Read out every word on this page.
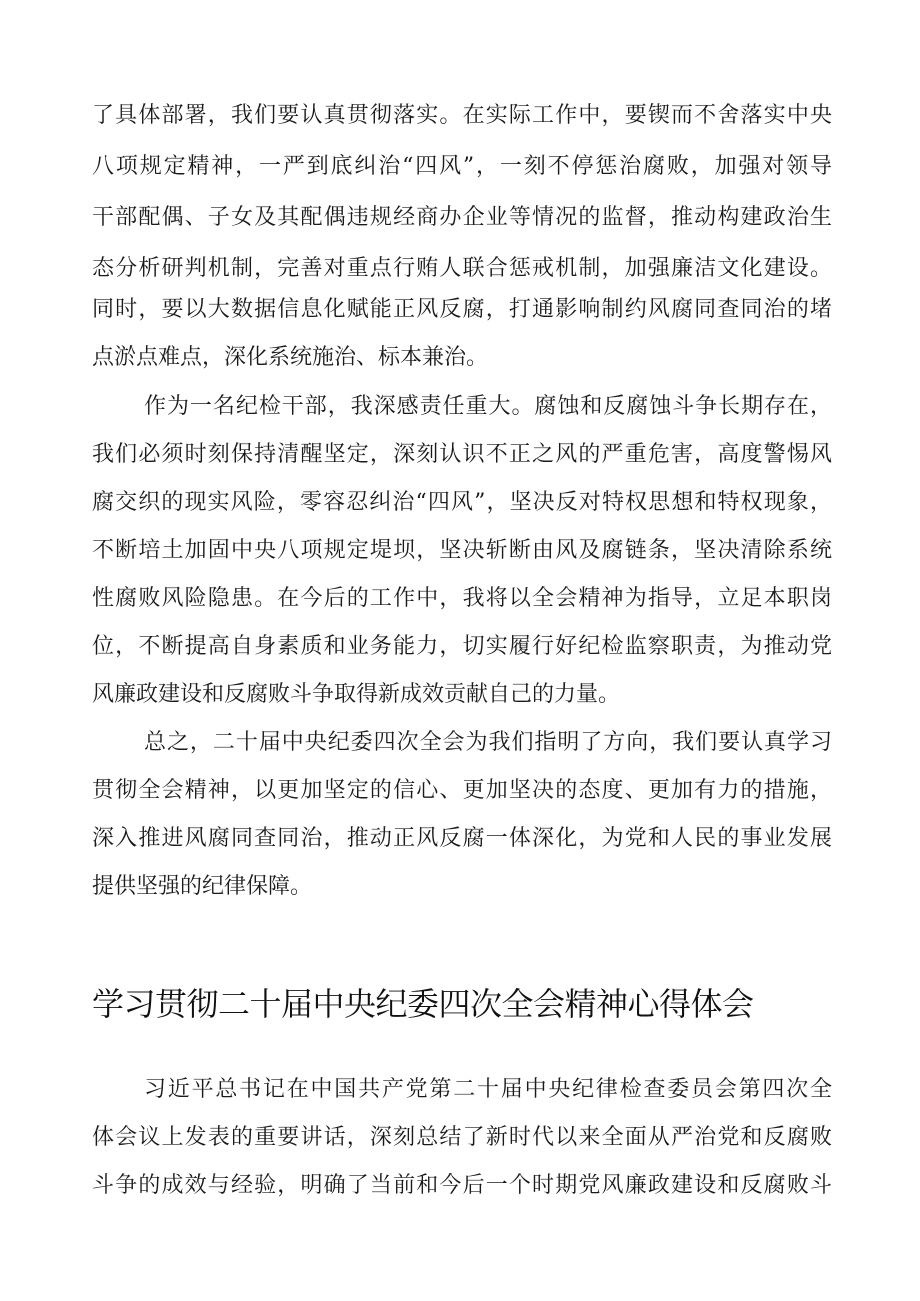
了具体部署，我们要认真贯彻落实。在实际工作中，要锲而不舍落实中央
八项规定精神，一严到底纠治“四风”，一刻不停惩治腐败，加强对领导
干部配偶、子女及其配偶违规经商办企业等情况的监督，推动构建政治生
态分析研判机制，完善对重点行贿人联合惩戒机制，加强廉洁文化建设。
同时，要以大数据信息化赋能正风反腐，打通影响制约风腐同查同治的堵
点淤点难点，深化系统施治、标本兼治。
作为一名纪检干部，我深感责任重大。腐蚀和反腐蚀斗争长期存在，
我们必须时刻保持清醒坚定，深刻认识不正之风的严重危害，高度警惕风
腐交织的现实风险，零容忍纠治“四风”，坚决反对特权思想和特权现象，
不断培土加固中央八项规定堤坝，坚决斩断由风及腐链条，坚决清除系统
性腐败风险隐患。在今后的工作中，我将以全会精神为指导，立足本职岗
位，不断提高自身素质和业务能力，切实履行好纪检监察职责，为推动党
风廉政建设和反腐败斗争取得新成效贡献自己的力量。
总之，二十届中央纪委四次全会为我们指明了方向，我们要认真学习
贯彻全会精神，以更加坚定的信心、更加坚决的态度、更加有力的措施，
深入推进风腐同查同治，推动正风反腐一体深化，为党和人民的事业发展
提供坚强的纪律保障。
学习贯彻二十届中央纪委四次全会精神心得体会
习近平总书记在中国共产党第二十届中央纪律检查委员会第四次全
体会议上发表的重要讲话，深刻总结了新时代以来全面从严治党和反腐败
斗争的成效与经验，明确了当前和今后一个时期党风廉政建设和反腐败斗
